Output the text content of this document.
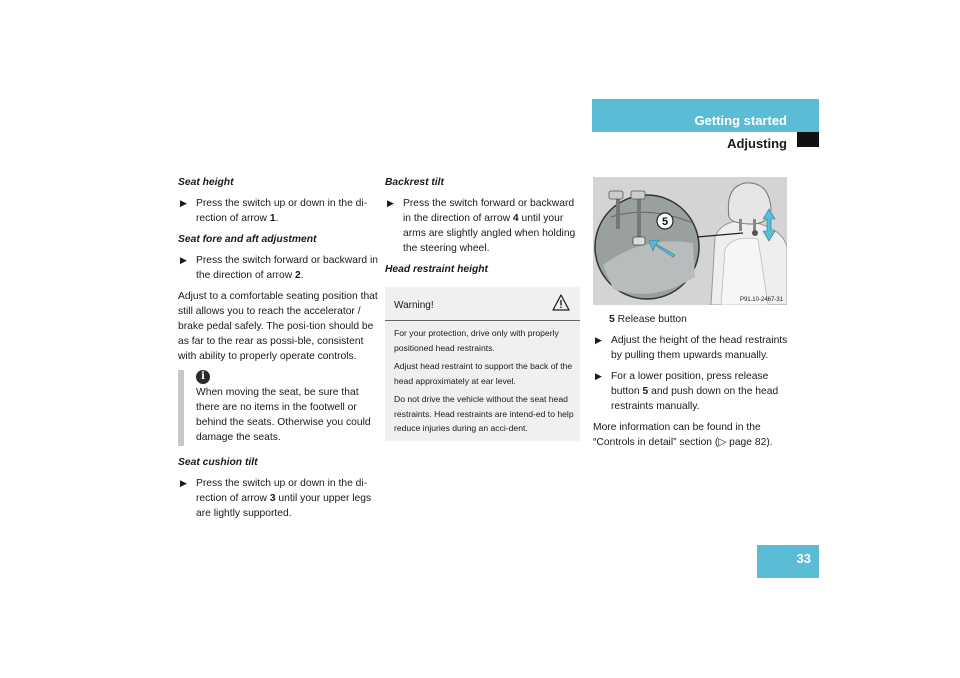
Getting started
Adjusting
Seat height
▶ Press the switch up or down in the di-rection of arrow 1.
Seat fore and aft adjustment
▶ Press the switch forward or backward in the direction of arrow 2.

Adjust to a comfortable seating position that still allows you to reach the accelerator / brake pedal safely. The posi-tion should be as far to the rear as possi-ble, consistent with ability to properly operate controls.

i
When moving the seat, be sure that there are no items in the footwell or behind the seats. Otherwise you could damage the seats.
Seat cushion tilt
▶ Press the switch up or down in the di-rection of arrow 3 until your upper legs are lightly supported.
Backrest tilt
▶ Press the switch forward or backward in the direction of arrow 4 until your arms are slightly angled when holding the steering wheel.
Head restraint height
Warning!
For your protection, drive only with properly positioned head restraints.
Adjust head restraint to support the back of the head approximately at ear level.
Do not drive the vehicle without the seat head restraints. Head restraints are intend-ed to help reduce injuries during an acci-dent.
5
P91.10-2467-31
5 Release button
▶ Adjust the height of the head restraints by pulling them upwards manually.
▶ For a lower position, press release button 5 and push down on the head restraints manually.

More information can be found in the “Controls in detail” section (▷ page 82).

33
